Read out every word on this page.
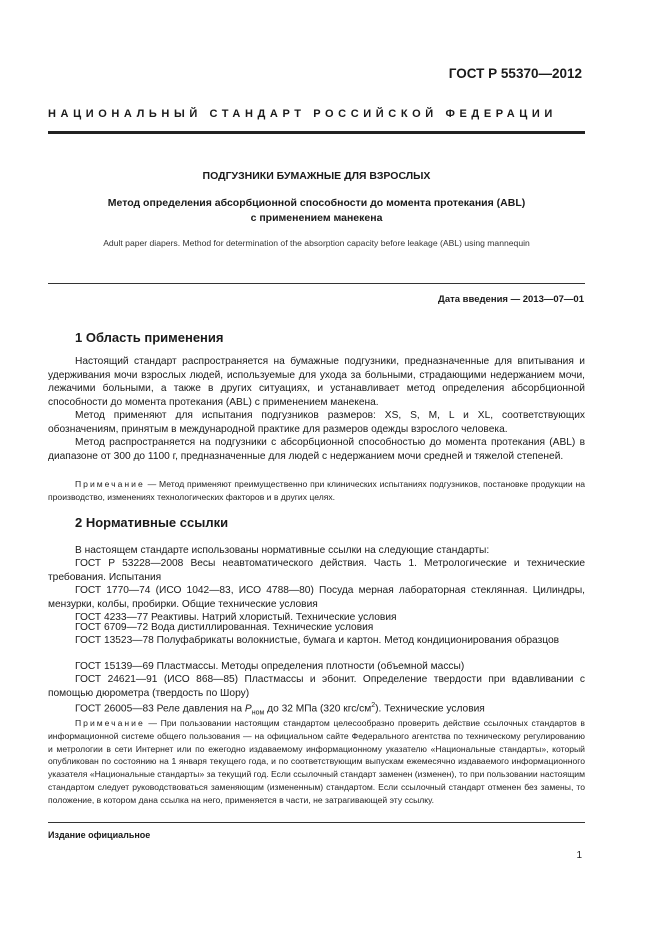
ГОСТ Р 55370—2012
НАЦИОНАЛЬНЫЙ СТАНДАРТ РОССИЙСКОЙ ФЕДЕРАЦИИ
ПОДГУЗНИКИ БУМАЖНЫЕ ДЛЯ ВЗРОСЛЫХ
Метод определения абсорбционной способности до момента протекания (ABL)
с применением манекена
Adult paper diapers. Method for determination of the absorption capacity before leakage (ABL) using mannequin
Дата введения — 2013—07—01
1 Область применения

Настоящий стандарт распространяется на бумажные подгузники, предназначенные для впитывания и удерживания мочи взрослых людей, используемые для ухода за больными, страдающими недержанием мочи, лежачими больными, а также в других ситуациях, и устанавливает метод определения абсорбционной способности до момента протекания (ABL) с применением манекена.

Метод применяют для испытания подгузников размеров: XS, S, M, L и XL, соответствующих обозначениям, принятым в международной практике для размеров одежды взрослого человека.

Метод распространяется на подгузники с абсорбционной способностью до момента протекания (ABL) в диапазоне от 300 до 1100 г, предназначенные для людей с недержанием мочи средней и тяжелой степеней.

Примечание — Метод применяют преимущественно при клинических испытаниях подгузников, постановке продукции на производство, изменениях технологических факторов и в других целях.

2 Нормативные ссылки

В настоящем стандарте использованы нормативные ссылки на следующие стандарты:

ГОСТ Р 53228—2008 Весы неавтоматического действия. Часть 1. Метрологические и технические требования. Испытания

ГОСТ 1770—74 (ИСО 1042—83, ИСО 4788—80) Посуда мерная лабораторная стеклянная. Цилиндры, мензурки, колбы, пробирки. Общие технические условия

ГОСТ 4233—77 Реактивы. Натрий хлористый. Технические условия

ГОСТ 6709—72 Вода дистиллированная. Технические условия

ГОСТ 13523—78 Полуфабрикаты волокнистые, бумага и картон. Метод кондиционирования образцов

ГОСТ 15139—69 Пластмассы. Методы определения плотности (объемной массы)

ГОСТ 24621—91 (ИСО 868—85) Пластмассы и эбонит. Определение твердости при вдавливании с помощью дюрометра (твердость по Шору)

ГОСТ 26005—83 Реле давления на $P_{ном}$ до 32 МПа (320 кгс/$см^2$). Технические условия

Примечание — При пользовании настоящим стандартом целесообразно проверить действие ссылочных стандартов в информационной системе общего пользования — на официальном сайте Федерального агентства по техническому регулированию и метрологии в сети Интернет или по ежегодно издаваемому информационному указателю «Национальные стандарты», который опубликован по состоянию на 1 января текущего года, и по соответствующим выпускам ежемесячно издаваемого информационного указателя «Национальные стандарты» за текущий год. Если ссылочный стандарт заменен (изменен), то при пользовании настоящим стандартом следует руководствоваться заменяющим (измененным) стандартом. Если ссылочный стандарт отменен без замены, то положение, в котором дана ссылка на него, применяется в части, не затрагивающей эту ссылку.

Издание официальное
1
